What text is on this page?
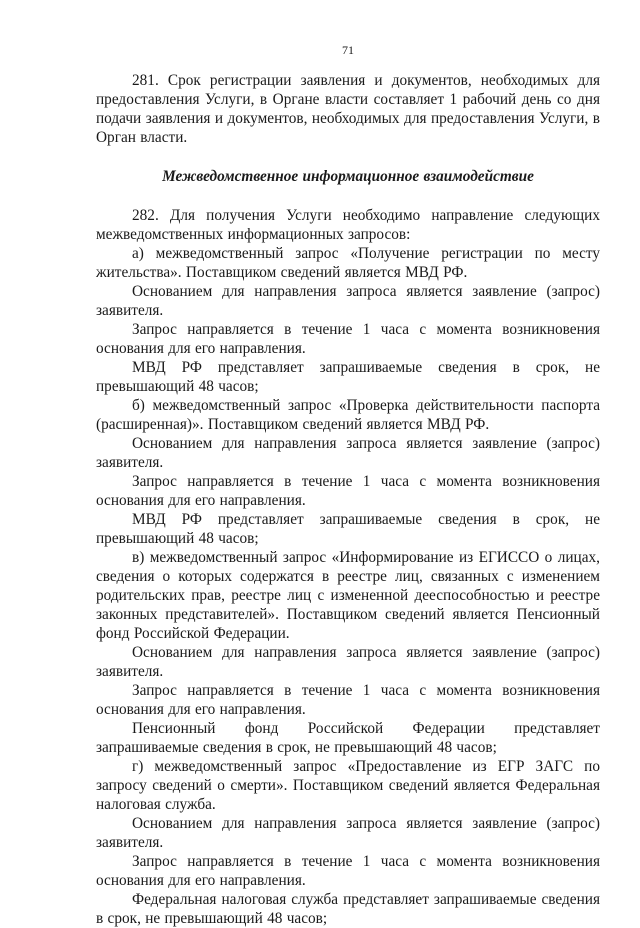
71

281. Срок регистрации заявления и документов, необходимых для предоставления Услуги, в Органе власти составляет 1 рабочий день со дня подачи заявления и документов, необходимых для предоставления Услуги, в Орган власти.

Межведомственное информационное взаимодействие

282. Для получения Услуги необходимо направление следующих межведомственных информационных запросов:

а) межведомственный запрос «Получение регистрации по месту жительства». Поставщиком сведений является МВД РФ.

Основанием для направления запроса является заявление (запрос) заявителя.

Запрос направляется в течение 1 часа с момента возникновения основания для его направления.

МВД РФ представляет запрашиваемые сведения в срок, не превышающий 48 часов;

б) межведомственный запрос «Проверка действительности паспорта (расширенная)». Поставщиком сведений является МВД РФ.

Основанием для направления запроса является заявление (запрос) заявителя.

Запрос направляется в течение 1 часа с момента возникновения основания для его направления.

МВД РФ представляет запрашиваемые сведения в срок, не превышающий 48 часов;

в) межведомственный запрос «Информирование из ЕГИССО о лицах, сведения о которых содержатся в реестре лиц, связанных с изменением родительских прав, реестре лиц с измененной дееспособностью и реестре законных представителей». Поставщиком сведений является Пенсионный фонд Российской Федерации.

Основанием для направления запроса является заявление (запрос) заявителя.

Запрос направляется в течение 1 часа с момента возникновения основания для его направления.

Пенсионный фонд Российской Федерации представляет запрашиваемые сведения в срок, не превышающий 48 часов;

г) межведомственный запрос «Предоставление из ЕГР ЗАГС по запросу сведений о смерти». Поставщиком сведений является Федеральная налоговая служба.

Основанием для направления запроса является заявление (запрос) заявителя.

Запрос направляется в течение 1 часа с момента возникновения основания для его направления.

Федеральная налоговая служба представляет запрашиваемые сведения в срок, не превышающий 48 часов;
